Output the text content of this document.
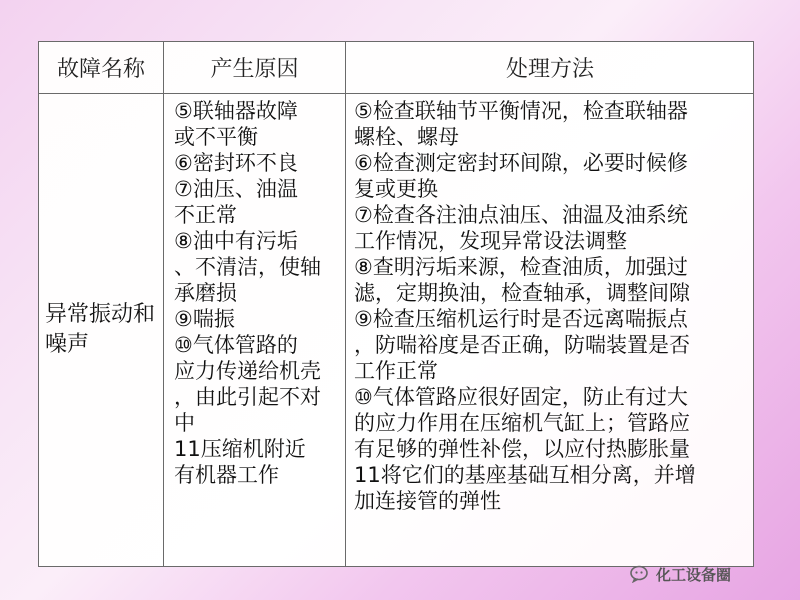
故障名称	产生原因	处理方法
异常振动和噪声
⑤联轴器故障
或不平衡
⑥密封环不良
⑦油压、油温
不正常
⑧油中有污垢
、不清洁，使轴
承磨损
⑨喘振
⑩气体管路的
应力传递给机壳
，由此引起不对
中
11压缩机附近
有机器工作
⑤检查联轴节平衡情况，检查联轴器
螺栓、螺母
⑥检查测定密封环间隙，必要时候修
复或更换
⑦检查各注油点油压、油温及油系统
工作情况，发现异常设法调整
⑧查明污垢来源，检查油质，加强过
滤，定期换油，检查轴承，调整间隙
⑨检查压缩机运行时是否远离喘振点
，防喘裕度是否正确，防喘装置是否
工作正常
⑩气体管路应很好固定，防止有过大
的应力作用在压缩机气缸上；管路应
有足够的弹性补偿，以应付热膨胀量
11将它们的基座基础互相分离，并增
加连接管的弹性
化工设备圈
